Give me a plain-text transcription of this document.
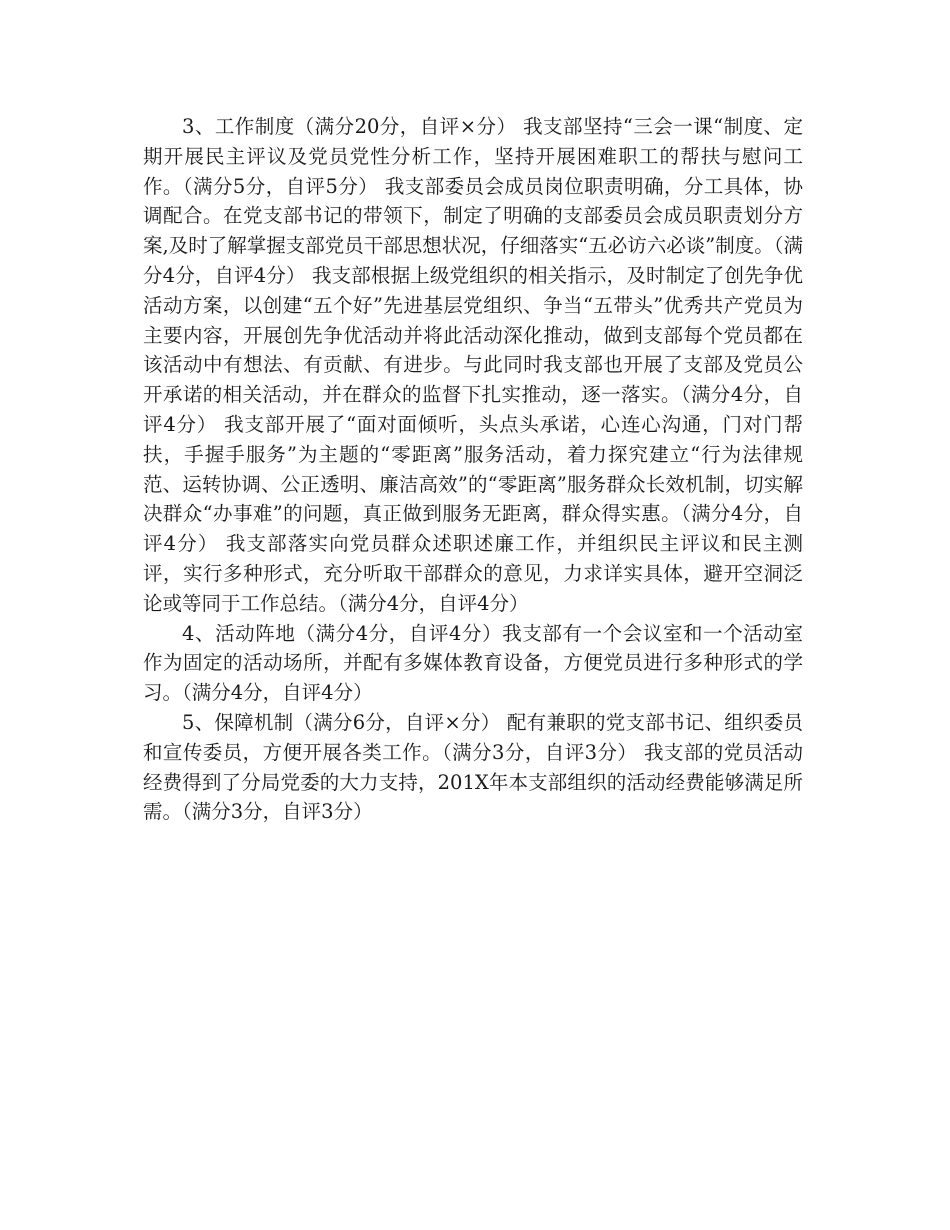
3、工作制度（满分20分，自评×分） 我支部坚持“三会一课“制度、定期开展民主评议及党员党性分析工作，坚持开展困难职工的帮扶与慰问工作。（满分5分，自评5分） 我支部委员会成员岗位职责明确，分工具体，协调配合。在党支部书记的带领下，制定了明确的支部委员会成员职责划分方案,及时了解掌握支部党员干部思想状况，仔细落实“五必访六必谈”制度。（满分4分，自评4分） 我支部根据上级党组织的相关指示，及时制定了创先争优活动方案，以创建“五个好”先进基层党组织、争当“五带头”优秀共产党员为主要内容，开展创先争优活动并将此活动深化推动，做到支部每个党员都在该活动中有想法、有贡献、有进步。与此同时我支部也开展了支部及党员公开承诺的相关活动，并在群众的监督下扎实推动，逐一落实。（满分4分，自评4分） 我支部开展了“面对面倾听，头点头承诺，心连心沟通，门对门帮扶，手握手服务”为主题的“零距离”服务活动，着力探究建立“行为法律规范、运转协调、公正透明、廉洁高效”的“零距离”服务群众长效机制，切实解决群众“办事难”的问题，真正做到服务无距离，群众得实惠。（满分4分，自评4分） 我支部落实向党员群众述职述廉工作，并组织民主评议和民主测评，实行多种形式，充分听取干部群众的意见，力求详实具体，避开空洞泛论或等同于工作总结。（满分4分，自评4分）

4、活动阵地（满分4分，自评4分）我支部有一个会议室和一个活动室作为固定的活动场所，并配有多媒体教育设备，方便党员进行多种形式的学习。（满分4分，自评4分）

5、保障机制（满分6分，自评×分） 配有兼职的党支部书记、组织委员和宣传委员，方便开展各类工作。（满分3分，自评3分） 我支部的党员活动经费得到了分局党委的大力支持，201X年本支部组织的活动经费能够满足所需。（满分3分，自评3分）
